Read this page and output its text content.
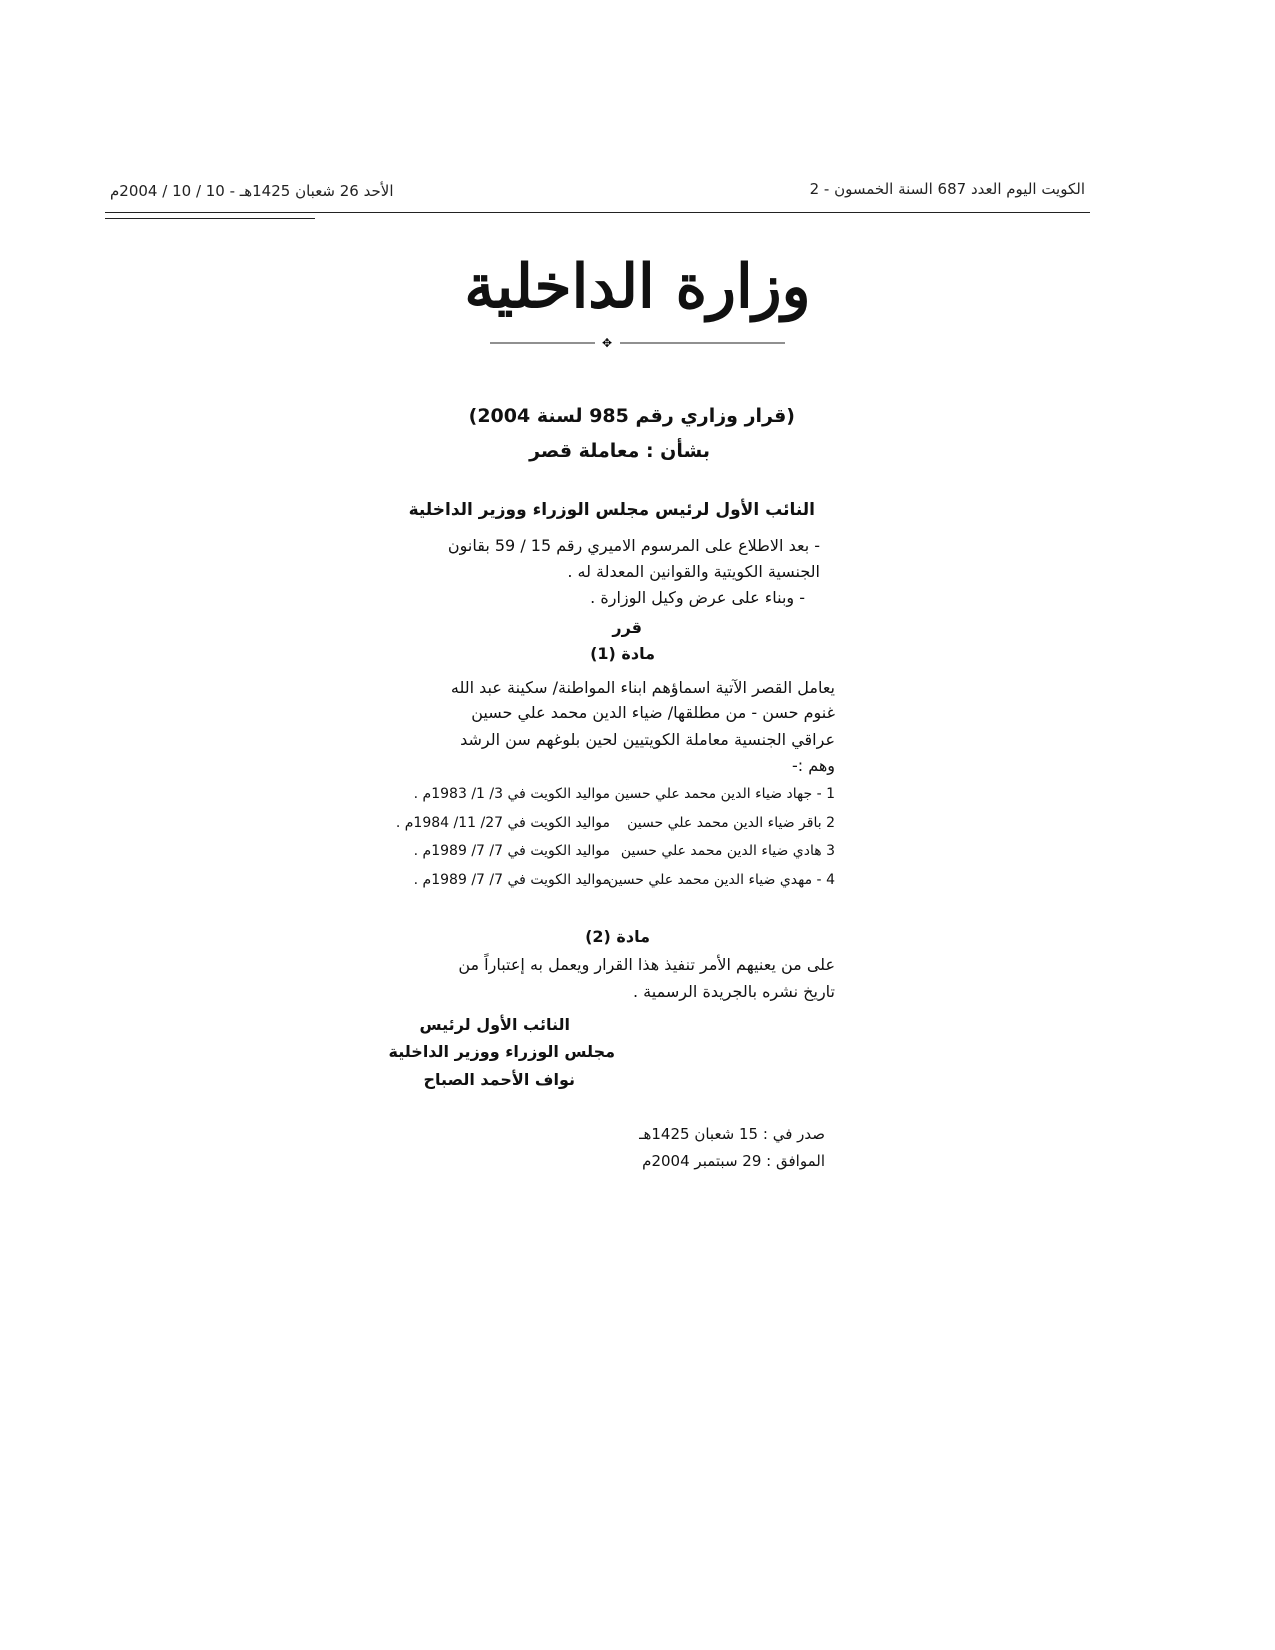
الكويت اليوم العدد 687 السنة الخمسون - 2
الأحد 26 شعبان 1425هـ - 10 / 10 / 2004م
وزارة الداخلية
✥
(قرار وزاري رقم 985 لسنة 2004)
بشأن : معاملة قصر
النائب الأول لرئيس مجلس الوزراء ووزير الداخلية
- بعد الاطلاع على المرسوم الاميري رقم 15 / 59 بقانون
الجنسية الكويتية والقوانين المعدلة له .
- وبناء على عرض وكيل الوزارة .
قرر
مادة (1)
يعامل القصر الآتية اسماؤهم ابناء المواطنة/ سكينة عبد الله
غنوم حسن - من مطلقها/ ضياء الدين محمد علي حسين
عراقي الجنسية معاملة الكويتيين لحين بلوغهم سن الرشد
وهم :-
1 - جهاد ضياء الدين محمد علي حسين
مواليد الكويت في 3/ 1/ 1983م .
2 باقر ضياء الدين محمد علي حسين
مواليد الكويت في 27/ 11/ 1984م .
3 هادي ضياء الدين محمد علي حسين
مواليد الكويت في 7/ 7/ 1989م .
4 - مهدي ضياء الدين محمد علي حسين
مواليد الكويت في 7/ 7/ 1989م .
مادة (2)
على من يعنيهم الأمر تنفيذ هذا القرار ويعمل به إعتباراً من
تاريخ نشره بالجريدة الرسمية .
النائب الأول لرئيس
مجلس الوزراء ووزير الداخلية
نواف الأحمد الصباح
صدر في : 15 شعبان 1425هـ
الموافق : 29 سبتمبر 2004م
